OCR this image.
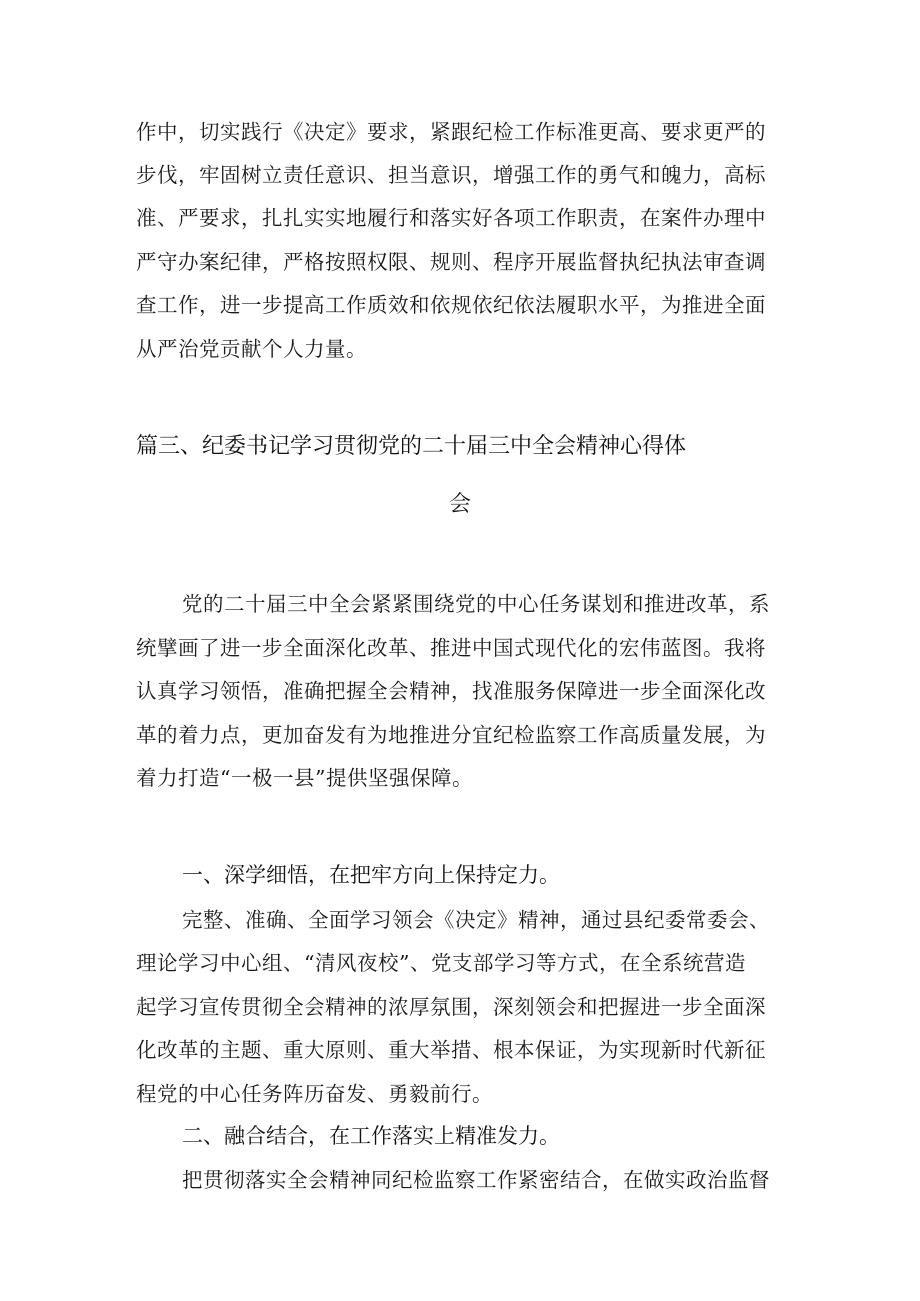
作中，切实践行《决定》要求，紧跟纪检工作标准更高、要求更严的
步伐，牢固树立责任意识、担当意识，增强工作的勇气和魄力，高标
准、严要求，扎扎实实地履行和落实好各项工作职责，在案件办理中
严守办案纪律，严格按照权限、规则、程序开展监督执纪执法审查调
查工作，进一步提高工作质效和依规依纪依法履职水平，为推进全面
从严治党贡献个人力量。
篇三、纪委书记学习贯彻党的二十届三中全会精神心得体
会
党的二十届三中全会紧紧围绕党的中心任务谋划和推进改革，系
统擘画了进一步全面深化改革、推进中国式现代化的宏伟蓝图。我将
认真学习领悟，准确把握全会精神，找准服务保障进一步全面深化改
革的着力点，更加奋发有为地推进分宜纪检监察工作高质量发展，为
着力打造“一极一县”提供坚强保障。
一、深学细悟，在把牢方向上保持定力。
完整、准确、全面学习领会《决定》精神，通过县纪委常委会、
理论学习中心组、“清风夜校”、党支部学习等方式，在全系统营造
起学习宣传贯彻全会精神的浓厚氛围，深刻领会和把握进一步全面深
化改革的主题、重大原则、重大举措、根本保证，为实现新时代新征
程党的中心任务阵历奋发、勇毅前行。
二、融合结合，在工作落实上精准发力。
把贯彻落实全会精神同纪检监察工作紧密结合，在做实政治监督
